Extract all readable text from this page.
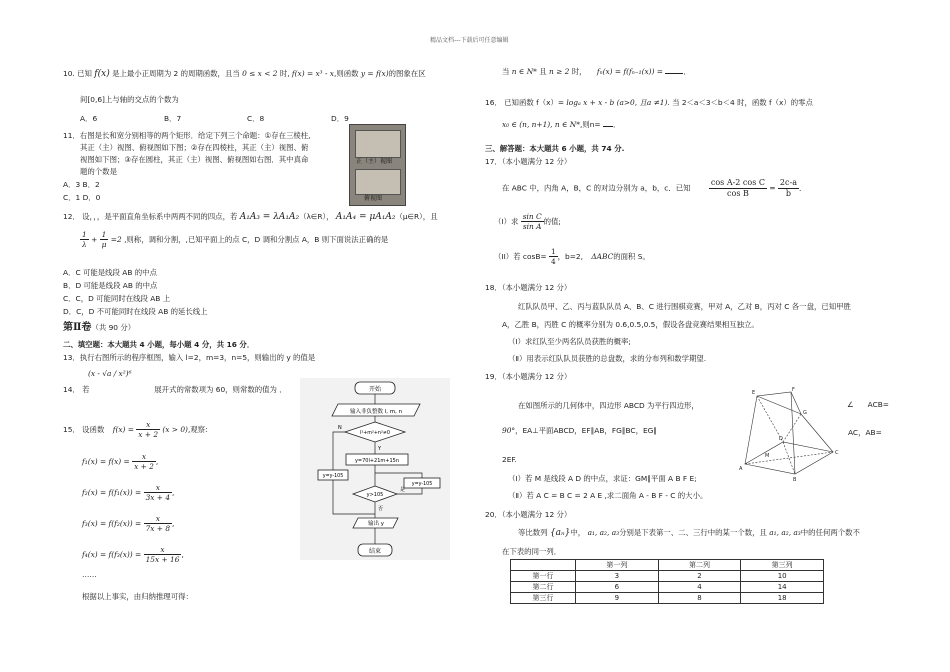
精品文档---下载后可任意编辑
10. 已知 f(x) 是上最小正周期为 2 的周期函数，且当 0 ≤ x < 2 时, f(x) = x³ - x,则函数 y = f(x)的图象在区
间[0,6]上与轴的交点的个数为
A．6	B．7	C．8	D．9
11．右图是长和宽分别相等的两个矩形．给定下列三个命题：①存在三棱柱,
其正（主）视图、俯视图如下图；②存在四棱柱，其正（主）视图、俯
视图如下图；③存在圆柱，其正（主）视图、俯视图如右图．其中真命
题的个数是
A．3 B．2
C．1 D．0
正（主）视图
俯视图
12． 设，，，是平面直角坐标系中两两不同的四点，若 A₁A₃ = λA₁A₂（λ∈R）， A₁A₄ = μA₁A₂（μ∈R），且
$\frac{1}{\lambda} + \frac{1}{\mu} =2$ ,则称，调和分割，,已知平面上的点 C，D 调和分割点 A，B 则下面说法正确的是
A．C 可能是线段 AB 的中点
B．D 可能是线段 AB 的中点
C．C，D 可能同时在线段 AB 上
D．C，D 不可能同时在线段 AB 的延长线上
第Ⅱ卷（共 90 分）
二、填空题：本大题共 4 小题，每小题 4 分，共 16 分．
13．执行右图所示的程序框图，输入 l=2，m=3，n=5，则输出的 y 的值是
(x - √a / x²)⁶
14． 若	展开式的常数项为 60，则常数的值为 ．
15． 设函数 $f(x) = \frac{x}{x + 2} (x > 0)$,观察:
$f_1(x) = f(x) = \frac{x}{x + 2}$ ,
$f_2(x) = f(f_1(x)) = \frac{x}{3x + 4}$ ,
$f_3(x) = f(f_2(x)) = \frac{x}{7x + 8}$ ,
$f_4(x) = f(f_3(x)) = \frac{x}{15x + 16}$ ,
……
根据以上事实，由归纳推理可得：
开始
输入非负整数 l, m, n
l²+m²+n²≠0
N
Y
y=70l+21m+15n
y=y-105
y=y-105
y>105
是
否
输出 y
结束
当 n ∈ N* 且 n ≥ 2 时， fₙ(x) = f(fₙ₋₁(x)) =	．
16． 已知函数 f（x）= logₐ x + x - b (a>0, 且a ≠1). 当 2＜a＜3＜b＜4 时，函数 f（x）的零点
x₀ ∈ (n, n+1), n ∈ N*,则n= ．
三、解答题：本大题共 6 小题，共 74 分.
17．（本小题满分 12 分）
在 ABC 中，内角 A，B，C 的对边分别为 a，b，c．已知 $\frac{\text{cos A-2 cos C}}{\text{cos B}} = \frac{2c-a}{b}$ ．
（I）求 $\frac{\text{sin C}}{\text{sin A}}$ 的值;
（II）若 $\cos B= \frac{1}{4}$ ，b=2, ΔABC的面积 S。
18．（本小题满分 12 分）
红队队员甲、乙、丙与蓝队队员 A、B、C 进行围棋竞赛，甲对 A，乙对 B，丙对 C 各一盘，已知甲胜
A，乙胜 B，丙胜 C 的概率分别为 0.6,0.5,0.5，假设各盘竞赛结果相互独立。
（Ⅰ）求红队至少两名队员获胜的概率;
（Ⅱ）用表示红队队员获胜的总盘数，求的分布列和数学期望.
19．（本小题满分 12 分）
在如图所示的几何体中，四边形 ABCD 为平行四边形，	∠ ACB=
90°，EA⊥平面ABCD，EF∥AB，FG∥BC，EG∥	AC，AB=
2EF.
（Ⅰ）若 M 是线段 A D 的中点，求证：GM∥平面 A B F E;
（Ⅱ）若 A C = B C = 2 A E ,求二面角 A - B F - C 的大小。
E	F
G
A
B
C
D
M
20．（本小题满分 12 分）
等比数列 {aₙ}中， a₁, a₂, a₃分别是下表第一、二、三行中的某一个数，且 a₁, a₂, a₃中的任何两个数不
在下表的同一列．
	第一列	第二列	第三列
第一行	3	2	10
第二行	6	4	14
第三行	9	8	18
